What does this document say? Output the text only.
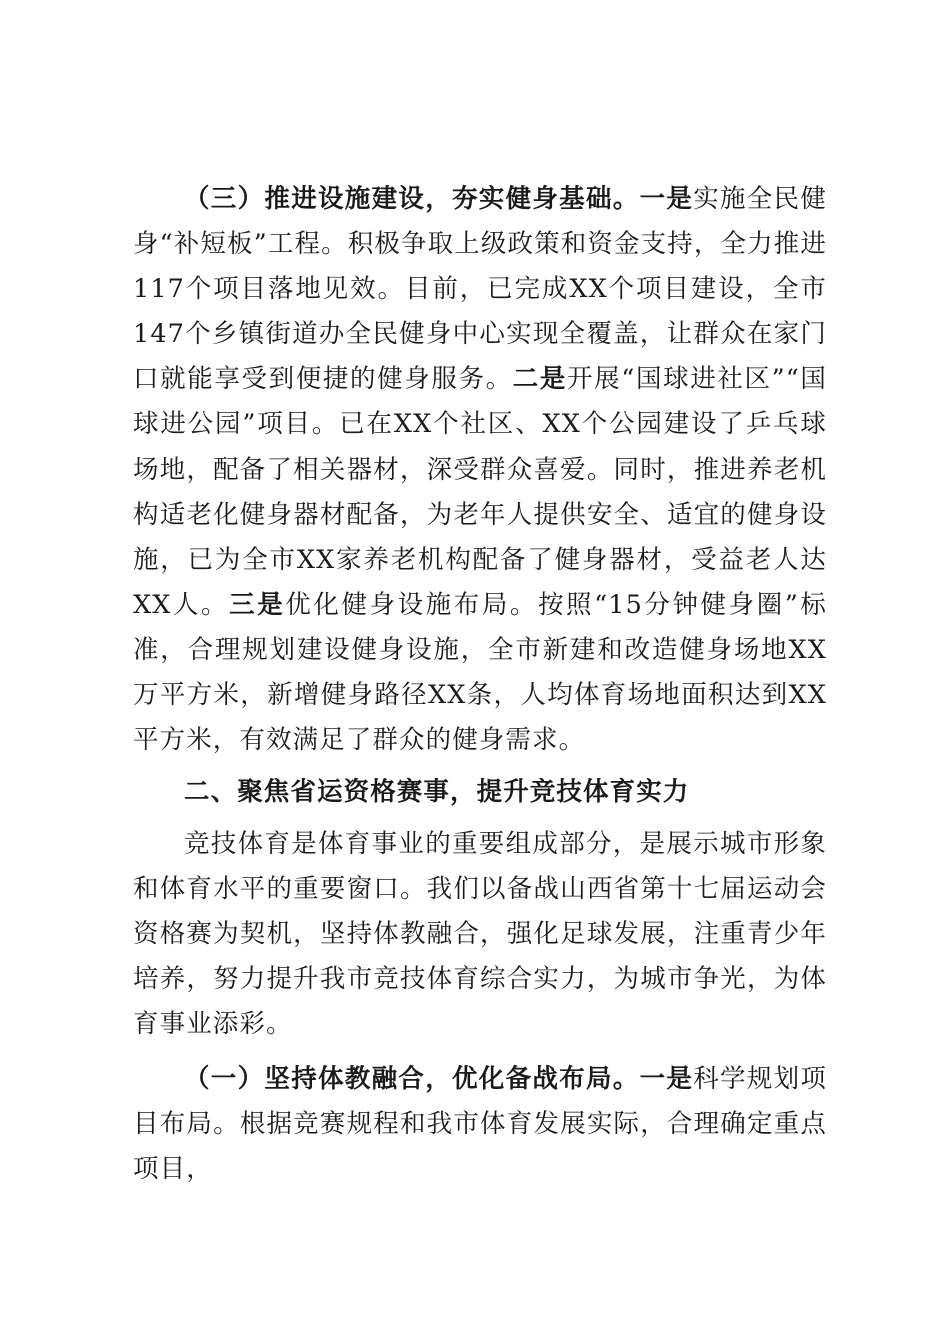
（三）推进设施建设，夯实健身基础。一是实施全民健身“补短板”工程。积极争取上级政策和资金支持，全力推进117个项目落地见效。目前，已完成XX个项目建设，全市147个乡镇街道办全民健身中心实现全覆盖，让群众在家门口就能享受到便捷的健身服务。二是开展“国球进社区”“国球进公园”项目。已在XX个社区、XX个公园建设了乒乓球场地，配备了相关器材，深受群众喜爱。同时，推进养老机构适老化健身器材配备，为老年人提供安全、适宜的健身设施，已为全市XX家养老机构配备了健身器材，受益老人达XX人。三是优化健身设施布局。按照“15分钟健身圈”标准，合理规划建设健身设施，全市新建和改造健身场地XX万平方米，新增健身路径XX条，人均体育场地面积达到XX平方米，有效满足了群众的健身需求。

二、聚焦省运资格赛事，提升竞技体育实力

竞技体育是体育事业的重要组成部分，是展示城市形象和体育水平的重要窗口。我们以备战山西省第十七届运动会资格赛为契机，坚持体教融合，强化足球发展，注重青少年培养，努力提升我市竞技体育综合实力，为城市争光，为体育事业添彩。

（一）坚持体教融合，优化备战布局。一是科学规划项目布局。根据竞赛规程和我市体育发展实际，合理确定重点项目，
